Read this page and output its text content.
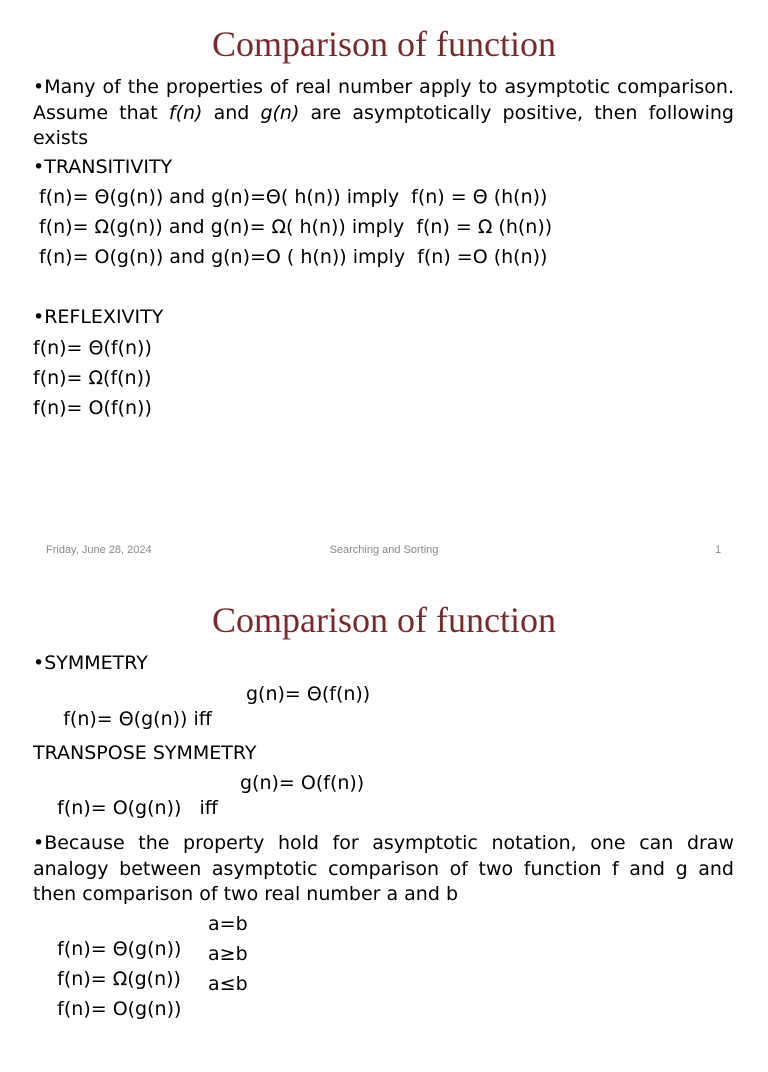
Comparison of function
•Many of the properties of real number apply to asymptotic comparison. Assume that f(n) and g(n) are asymptotically positive, then following exists
•TRANSITIVITY
f(n)= Θ(g(n)) and g(n)=Θ( h(n)) imply  f(n) = Θ (h(n))
f(n)= Ω(g(n)) and g(n)= Ω( h(n)) imply  f(n) = Ω (h(n))
f(n)= O(g(n)) and g(n)=O ( h(n)) imply  f(n) =O (h(n))
•REFLEXIVITY
f(n)= Θ(f(n))
f(n)= Ω(f(n))
f(n)= O(f(n))
Friday, June 28, 2024	Searching and Sorting	1
Comparison of function
•SYMMETRY

f(n)= Θ(g(n)) iff

g(n)= Θ(f(n))

TRANSPOSE SYMMETRY

f(n)= O(g(n))   iff

g(n)= O(f(n))

•Because the property hold for asymptotic notation, one can draw analogy between asymptotic comparison of two function f and g and then comparison of two real number a and b

f(n)= Θ(g(n))

a=b

f(n)= Ω(g(n))

a≥b

f(n)= O(g(n))

a≤b
